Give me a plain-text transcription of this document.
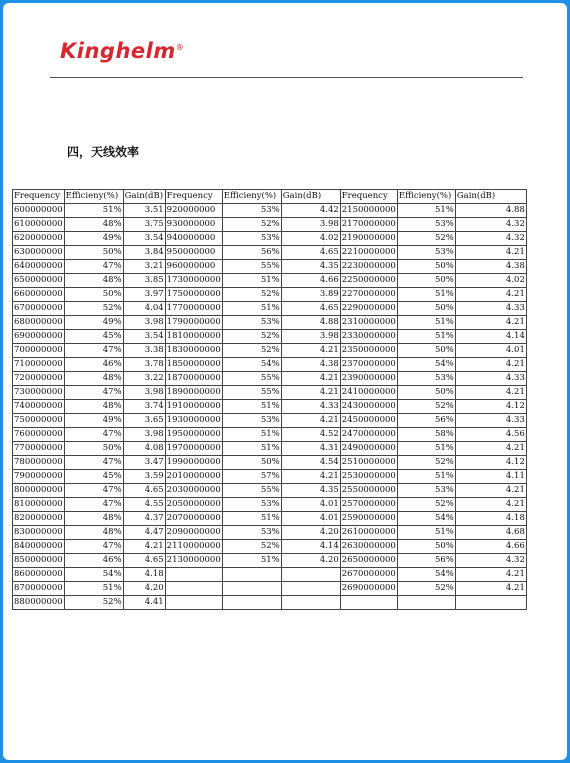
Kinghelm®
四，天线效率
Frequency	Efficieny(%)	Gain(dB)	Frequency	Efficieny(%)	Gain(dB)	Frequency	Efficieny(%)	Gain(dB)
600000000	51%	3.51	920000000	53%	4.42	2150000000	51%	4.88
610000000	48%	3.75	930000000	52%	3.98	2170000000	53%	4.32
620000000	49%	3.54	940000000	53%	4.02	2190000000	52%	4.32
630000000	50%	3.84	950000000	56%	4.65	2210000000	53%	4.21
640000000	47%	3.21	960000000	55%	4.35	2230000000	50%	4.38
650000000	48%	3.85	1730000000	51%	4.66	2250000000	50%	4.02
660000000	50%	3.97	1750000000	52%	3.89	2270000000	51%	4.21
670000000	52%	4.04	1770000000	51%	4.65	2290000000	50%	4.33
680000000	49%	3.98	1790000000	53%	4.88	2310000000	51%	4.21
690000000	45%	3.54	1810000000	52%	3.98	2330000000	51%	4.14
700000000	47%	3.38	1830000000	52%	4.21	2350000000	50%	4.01
710000000	46%	3.78	1850000000	54%	4.38	2370000000	54%	4.21
720000000	48%	3.22	1870000000	55%	4.21	2390000000	53%	4.33
730000000	47%	3.98	1890000000	55%	4.21	2410000000	50%	4.21
740000000	48%	3.74	1910000000	51%	4.33	2430000000	52%	4.12
750000000	49%	3.65	1930000000	53%	4.21	2450000000	56%	4.33
760000000	47%	3.98	1950000000	51%	4.52	2470000000	58%	4.56
770000000	50%	4.08	1970000000	51%	4.31	2490000000	51%	4.21
780000000	47%	3.47	1990000000	50%	4.54	2510000000	52%	4.12
790000000	45%	3.59	2010000000	57%	4.21	2530000000	51%	4.11
800000000	47%	4.65	2030000000	55%	4.35	2550000000	53%	4.21
810000000	47%	4.55	2050000000	53%	4.01	2570000000	52%	4.21
820000000	48%	4.37	2070000000	51%	4.01	2590000000	54%	4.18
830000000	48%	4.47	2090000000	53%	4.20	2610000000	51%	4.68
840000000	47%	4.21	2110000000	52%	4.14	2630000000	50%	4.66
850000000	46%	4.65	2130000000	51%	4.20	2650000000	56%	4.32
860000000	54%	4.18				2670000000	54%	4.21
870000000	51%	4.20				2690000000	52%	4.21
880000000	52%	4.41						
